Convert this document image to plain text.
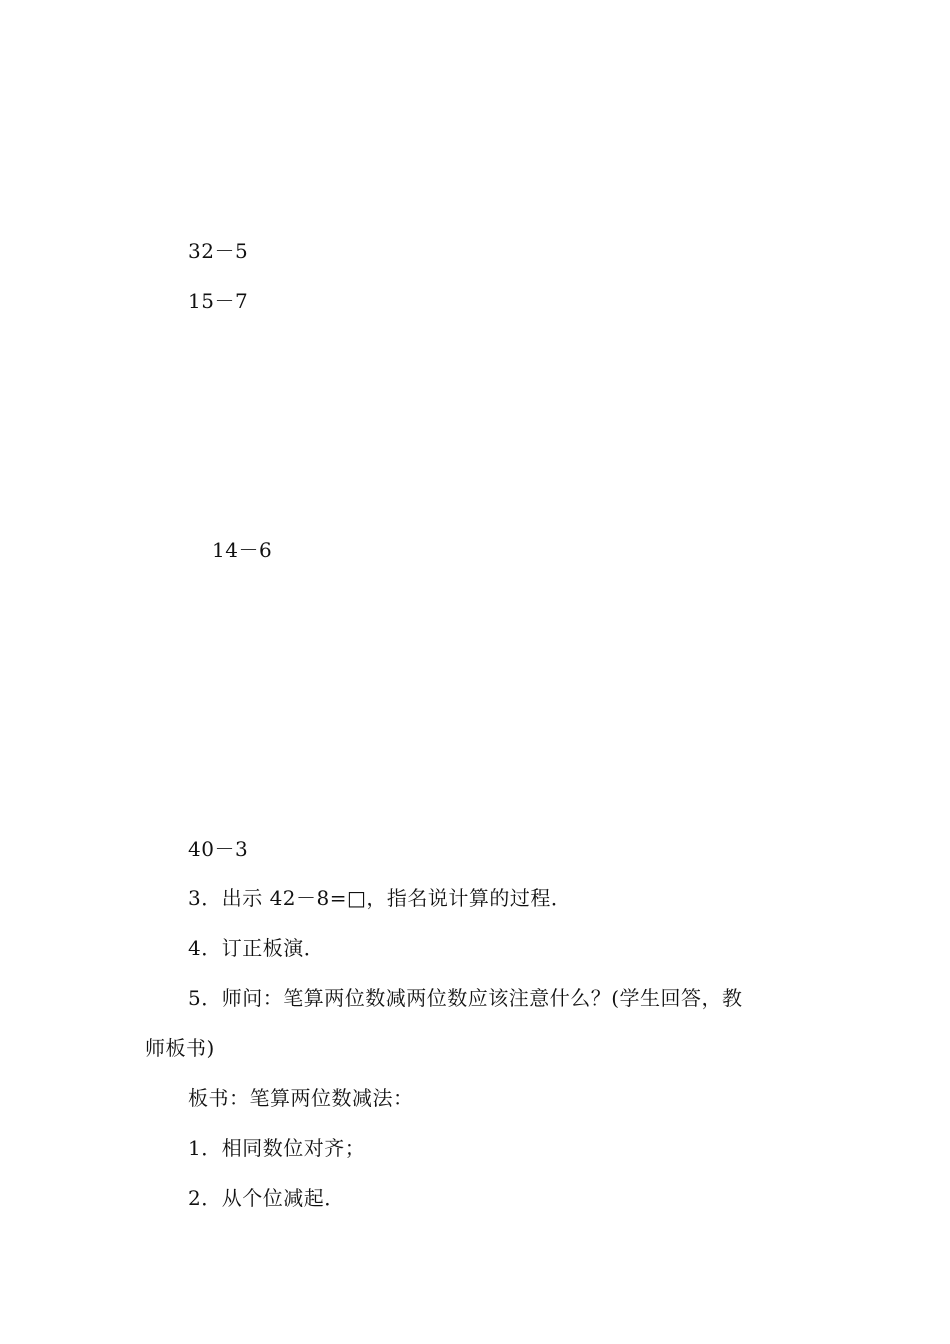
32－5
15－7
14－6
40－3
3．出示 42－8=□，指名说计算的过程．
4．订正板演．
5．师问：笔算两位数减两位数应该注意什么？(学生回答，教
师板书)
板书：笔算两位数减法：
1．相同数位对齐；
2．从个位减起．
